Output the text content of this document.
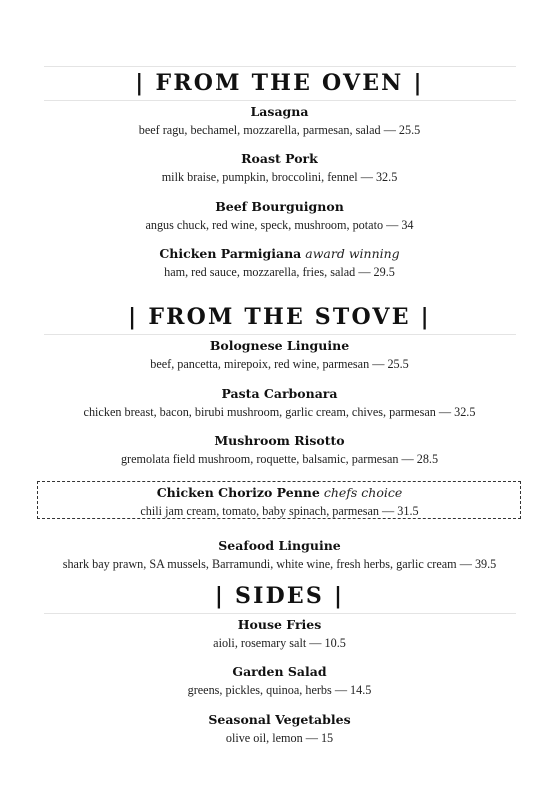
| FROM THE OVEN |
Lasagna
beef ragu, bechamel, mozzarella, parmesan, salad — 25.5
Roast Pork
milk braise, pumpkin, broccolini, fennel — 32.5
Beef Bourguignon
angus chuck, red wine, speck, mushroom, potato — 34
Chicken Parmigiana award winning
ham, red sauce, mozzarella, fries, salad — 29.5
| FROM THE STOVE |
Bolognese Linguine
beef, pancetta, mirepoix, red wine, parmesan — 25.5
Pasta Carbonara
chicken breast, bacon, birubi mushroom, garlic cream, chives, parmesan — 32.5
Mushroom Risotto
gremolata field mushroom, roquette, balsamic, parmesan — 28.5
Chicken Chorizo Penne chefs choice
chili jam cream, tomato, baby spinach, parmesan — 31.5
Seafood Linguine
shark bay prawn, SA mussels, Barramundi, white wine, fresh herbs, garlic cream — 39.5
| SIDES |
House Fries
aioli, rosemary salt — 10.5
Garden Salad
greens, pickles, quinoa, herbs — 14.5
Seasonal Vegetables
olive oil, lemon — 15
